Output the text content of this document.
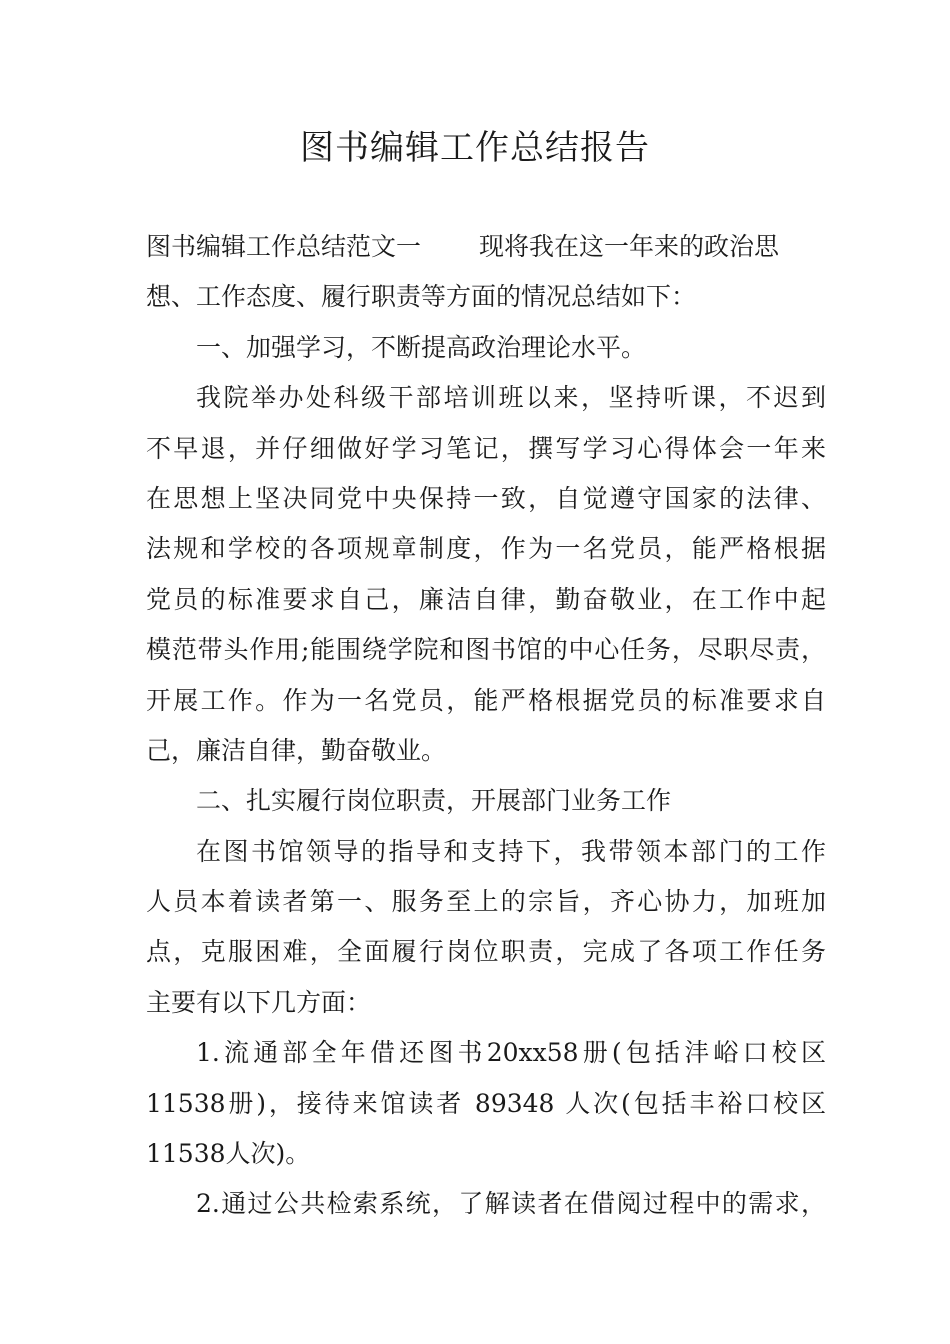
图书编辑工作总结报告
图书编辑工作总结范文一 现将我在这一年来的政治思
想、工作态度、履行职责等方面的情况总结如下：
一、加强学习，不断提高政治理论水平。
我院举办处科级干部培训班以来，坚持听课，不迟到
不早退，并仔细做好学习笔记，撰写学习心得体会一年来
在思想上坚决同党中央保持一致，自觉遵守国家的法律、
法规和学校的各项规章制度，作为一名党员，能严格根据
党员的标准要求自己，廉洁自律，勤奋敬业，在工作中起
模范带头作用;能围绕学院和图书馆的中心任务，尽职尽责，
开展工作。作为一名党员，能严格根据党员的标准要求自
己，廉洁自律，勤奋敬业。
二、扎实履行岗位职责，开展部门业务工作
在图书馆领导的指导和支持下，我带领本部门的工作
人员本着读者第一、服务至上的宗旨，齐心协力，加班加
点，克服困难，全面履行岗位职责，完成了各项工作任务
主要有以下几方面：
1.流通部全年借还图书20xx58册(包括沣峪口校区
11538册)，接待来馆读者 89348 人次(包括丰裕口校区
11538人次)。
2.通过公共检索系统，了解读者在借阅过程中的需求，
